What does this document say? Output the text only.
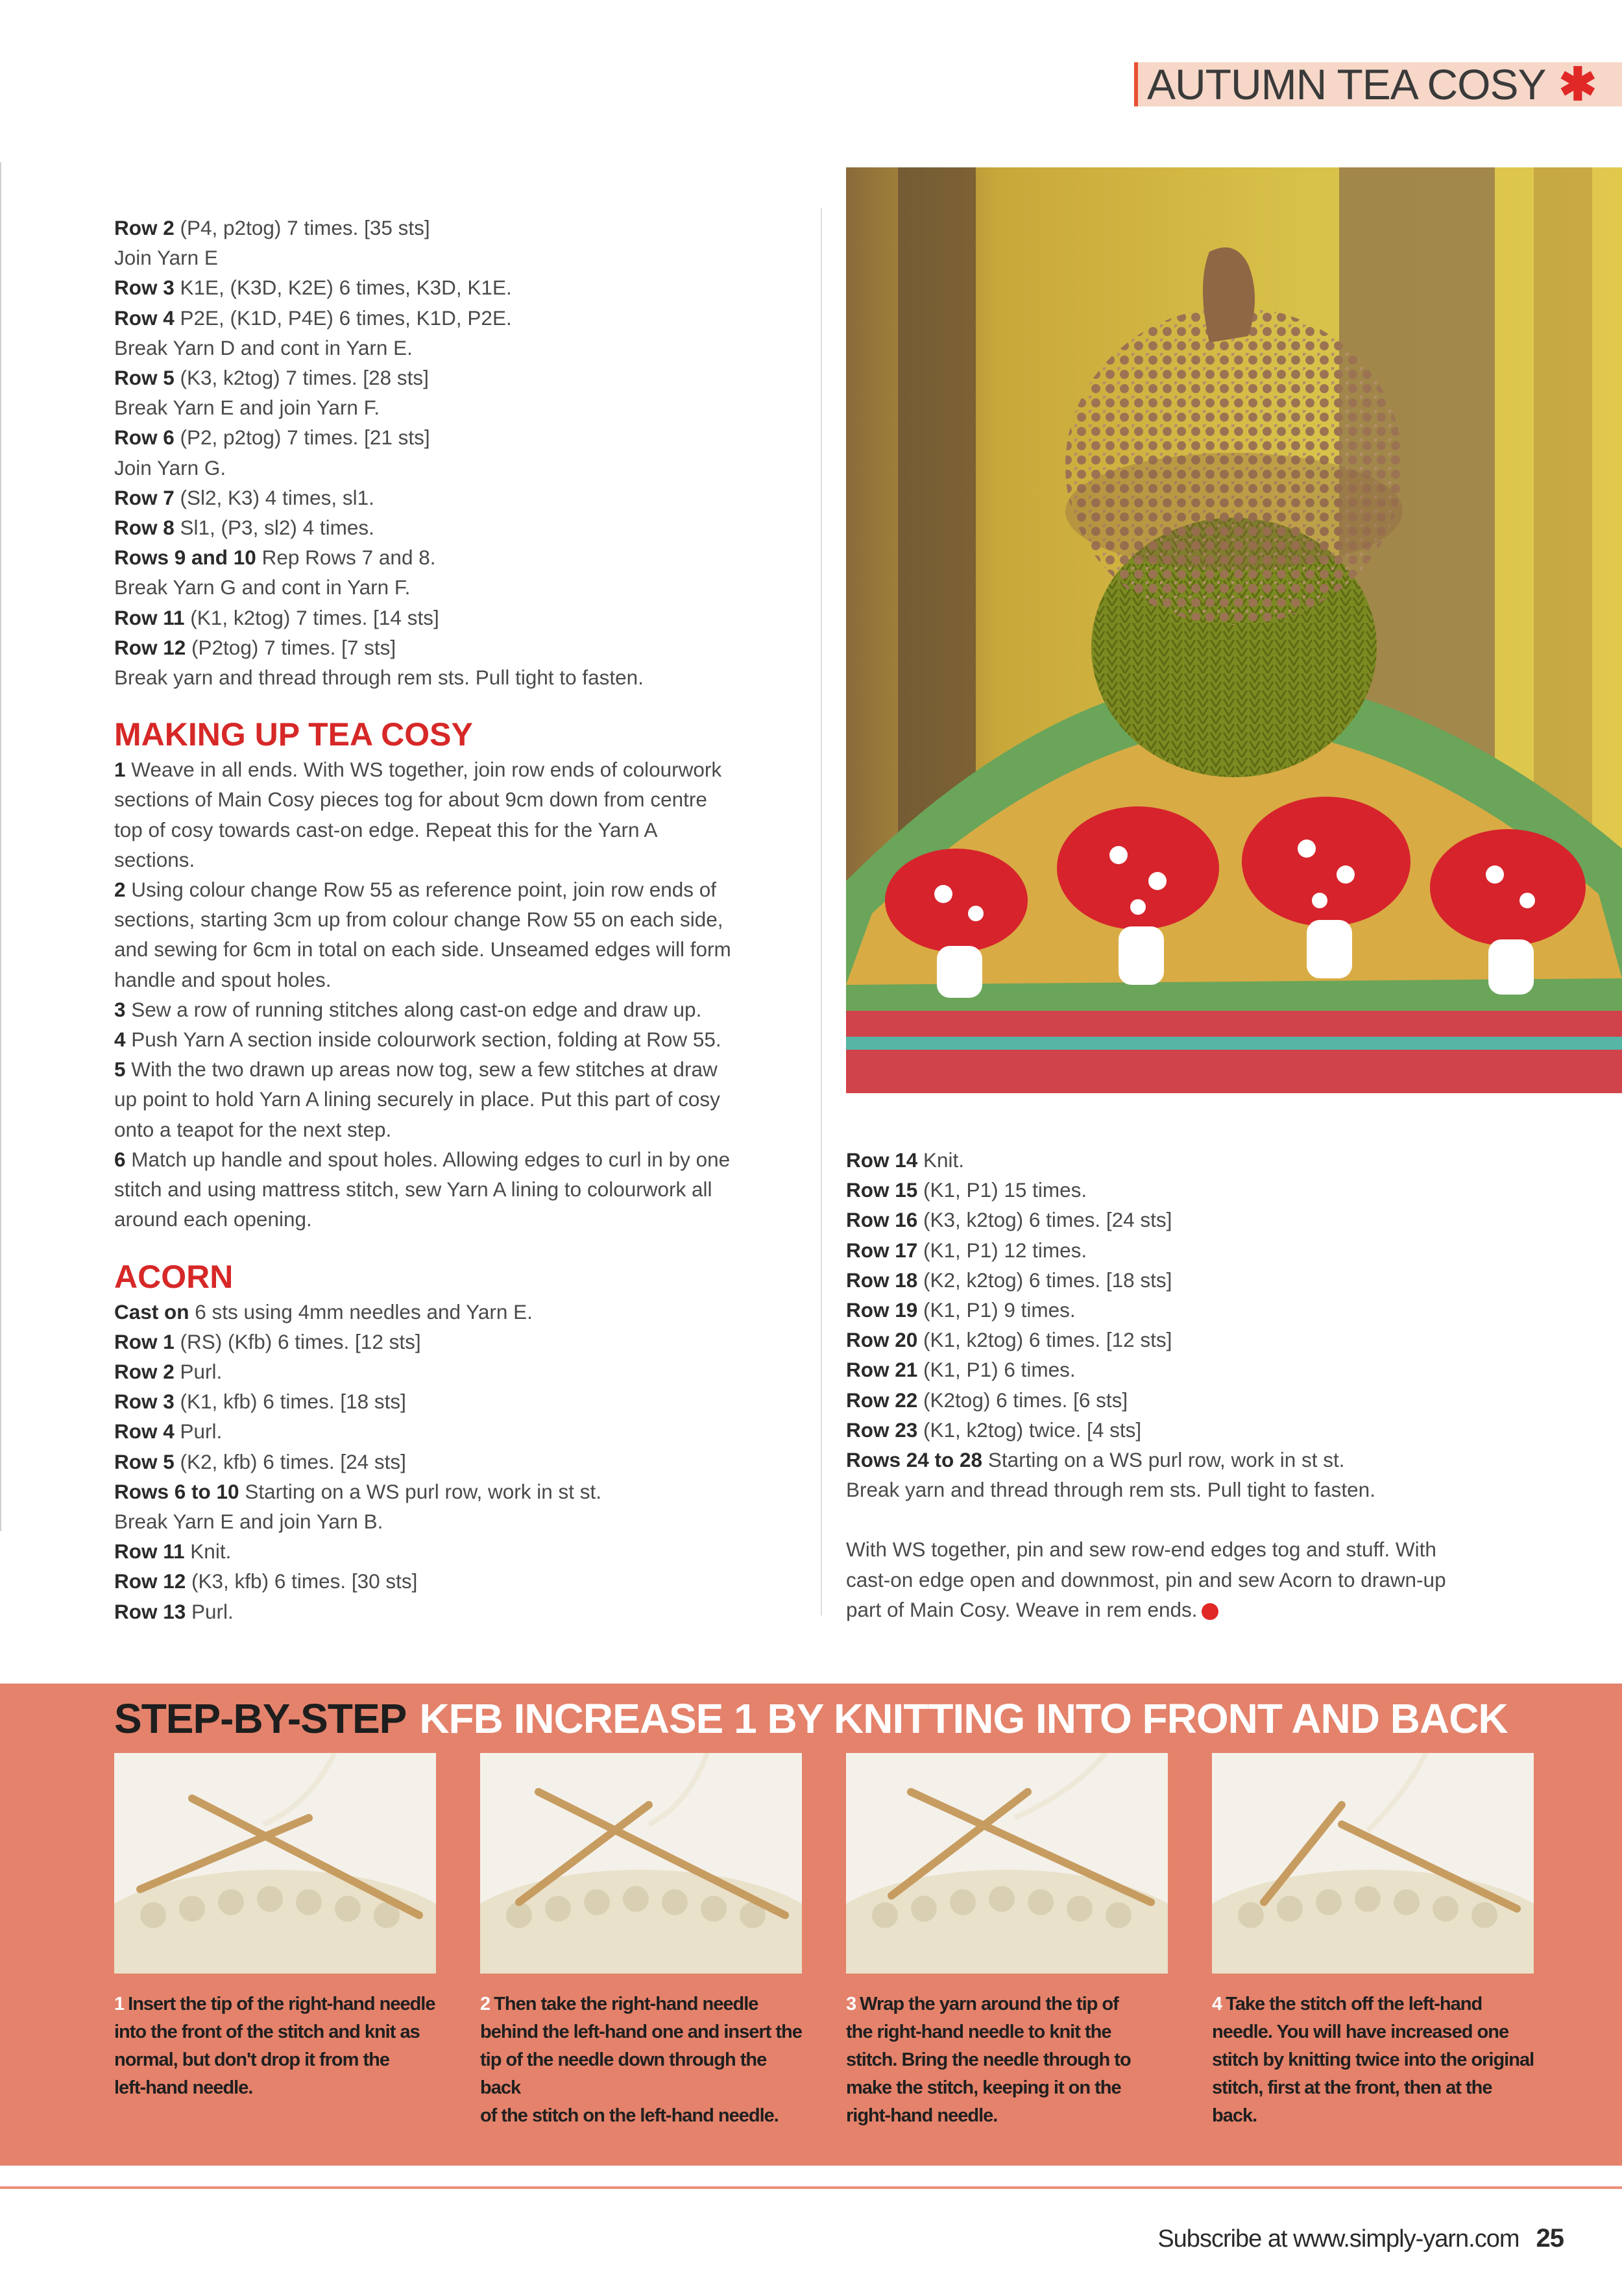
AUTUMN TEA COSY ✱

Row 2 (P4, p2tog) 7 times. [35 sts]

Join Yarn E

Row 3 K1E, (K3D, K2E) 6 times, K3D, K1E.

Row 4 P2E, (K1D, P4E) 6 times, K1D, P2E.

Break Yarn D and cont in Yarn E.

Row 5 (K3, k2tog) 7 times. [28 sts]

Break Yarn E and join Yarn F.

Row 6 (P2, p2tog) 7 times. [21 sts]

Join Yarn G.

Row 7 (Sl2, K3) 4 times, sl1.

Row 8 Sl1, (P3, sl2) 4 times.

Rows 9 and 10 Rep Rows 7 and 8.

Break Yarn G and cont in Yarn F.

Row 11 (K1, k2tog) 7 times. [14 sts]

Row 12 (P2tog) 7 times. [7 sts]

Break yarn and thread through rem sts. Pull tight to fasten.

MAKING UP TEA COSY

1 Weave in all ends. With WS together, join row ends of colourwork

sections of Main Cosy pieces tog for about 9cm down from centre

top of cosy towards cast-on edge. Repeat this for the Yarn A

sections.

2 Using colour change Row 55 as reference point, join row ends of

sections, starting 3cm up from colour change Row 55 on each side,

and sewing for 6cm in total on each side. Unseamed edges will form

handle and spout holes.

3 Sew a row of running stitches along cast-on edge and draw up.

4 Push Yarn A section inside colourwork section, folding at Row 55.

5 With the two drawn up areas now tog, sew a few stitches at draw

up point to hold Yarn A lining securely in place. Put this part of cosy

onto a teapot for the next step.

6 Match up handle and spout holes. Allowing edges to curl in by one

stitch and using mattress stitch, sew Yarn A lining to colourwork all

around each opening.

ACORN

Cast on 6 sts using 4mm needles and Yarn E.

Row 1 (RS) (Kfb) 6 times. [12 sts]

Row 2 Purl.

Row 3 (K1, kfb) 6 times. [18 sts]

Row 4 Purl.

Row 5 (K2, kfb) 6 times. [24 sts]

Rows 6 to 10 Starting on a WS purl row, work in st st.

Break Yarn E and join Yarn B.

Row 11 Knit.

Row 12 (K3, kfb) 6 times. [30 sts]

Row 13 Purl.

Row 14 Knit.

Row 15 (K1, P1) 15 times.

Row 16 (K3, k2tog) 6 times. [24 sts]

Row 17 (K1, P1) 12 times.

Row 18 (K2, k2tog) 6 times. [18 sts]

Row 19 (K1, P1) 9 times.

Row 20 (K1, k2tog) 6 times. [12 sts]

Row 21 (K1, P1) 6 times.

Row 22 (K2tog) 6 times. [6 sts]

Row 23 (K1, k2tog) twice. [4 sts]

Rows 24 to 28 Starting on a WS purl row, work in st st.

Break yarn and thread through rem sts. Pull tight to fasten.

With WS together, pin and sew row-end edges tog and stuff. With

cast-on edge open and downmost, pin and sew Acorn to drawn-up

part of Main Cosy. Weave in rem ends.

STEP-BY-STEP KFB INCREASE 1 BY KNITTING INTO FRONT AND BACK
1 Insert the tip of the right-hand needle
into the front of the stitch and knit as
normal, but don't drop it from the
left-hand needle.
2 Then take the right-hand needle
behind the left-hand one and insert the
tip of the needle down through the back
of the stitch on the left-hand needle.
3 Wrap the yarn around the tip of
the right-hand needle to knit the
stitch. Bring the needle through to
make the stitch, keeping it on the
right-hand needle.
4 Take the stitch off the left-hand
needle. You will have increased one
stitch by knitting twice into the original
stitch, first at the front, then at the back.
Subscribe at www.simply-yarn.com 25
